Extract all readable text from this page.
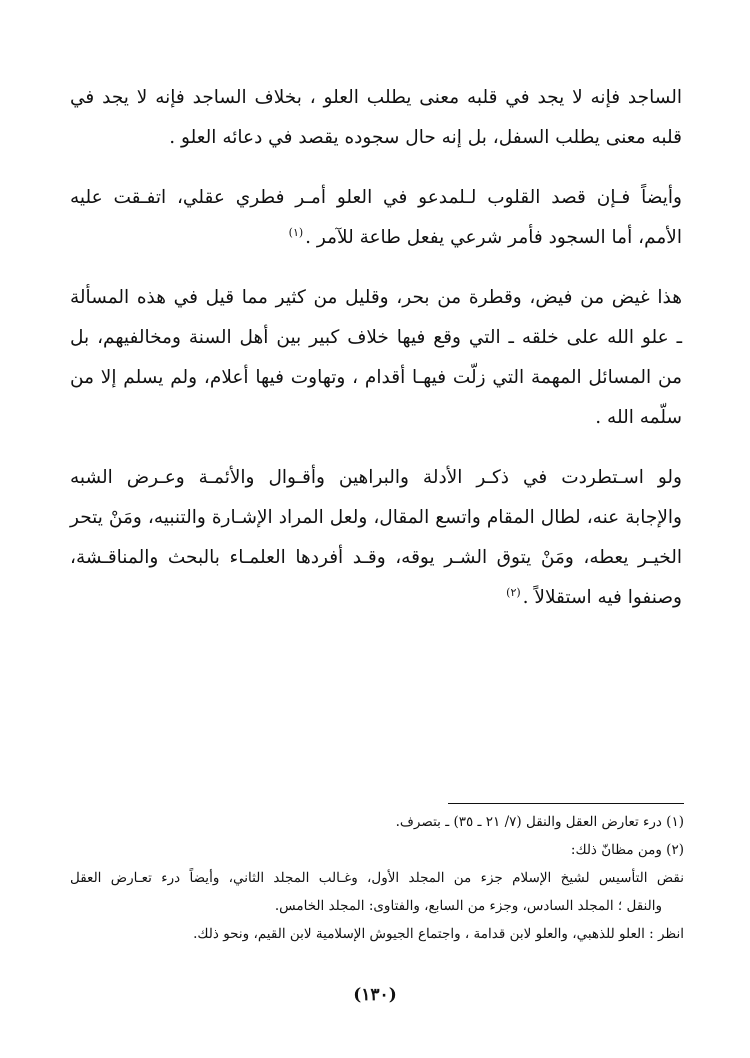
الساجد فإنه لا يجد في قلبه معنى يطلب العلو ، بخلاف الساجد فإنه لا يجد في
قلبه معنى يطلب السفل، بل إنه حال سجوده يقصد في دعائه العلو .

وأيضاً فـإن قصد القلوب لـلمدعو في العلو أمـر فطري عقلي، اتفـقت عليه
الأمم، أما السجود فأمر شرعي يفعل طاعة للآمر .$^{(١)}$

هذا غيض من فيض، وقطرة من بحر، وقليل من كثير مما قيل في هذه المسألة
ـ علو الله على خلقه ـ التي وقع فيها خلاف كبير بين أهل السنة ومخالفيهم، بل
من المسائل المهمة التي زلّت فيهـا أقدام ، وتهاوت فيها أعلام، ولم يسلم إلا من
سلّمه الله .

ولو اسـتطردت في ذكـر الأدلة والبراهين وأقـوال والأئمـة وعـرض الشبه
والإجابة عنه، لطال المقام واتسع المقال، ولعل المراد الإشـارة والتنبيه، ومَنْ يتحر
الخيـر يعطه، ومَنْ يتوق الشـر يوقه، وقـد أفردها العلمـاء بالبحث والمناقـشة،
وصنفوا فيه استقلالاً .$^{(٢)}$

(١) درء تعارض العقل والنقل (٧/ ٢١ ـ ٣٥) ـ بتصرف.
(٢) ومن مظانّ ذلك:
نقض التأسيس لشيخ الإسلام جزء من المجلد الأول، وغـالب المجلد الثاني، وأيضاً درء تعـارض العقل
والنقل ؛ المجلد السادس، وجزء من السابع، والفتاوى: المجلد الخامس.
انظر : العلو للذهبي، والعلو لابن قدامة ، واجتماع الجيوش الإسلامية لابن القيم، ونحو ذلك.
(١٣٠)
